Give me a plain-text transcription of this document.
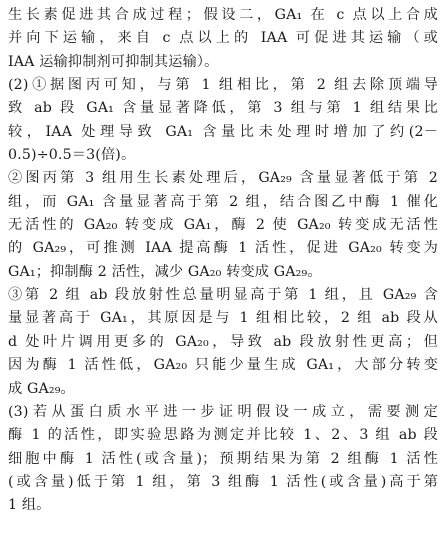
生长素促进其合成过程；假设二，GA₁ 在 c 点以上合成
并向下运输，来自 c 点以上的 IAA 可促进其运输（或
IAA 运输抑制剂可抑制其运输）。
(2)①据图丙可知，与第 1 组相比，第 2 组去除顶端导
致 ab 段 GA₁ 含量显著降低，第 3 组与第 1 组结果比
较，IAA 处理导致 GA₁ 含量比未处理时增加了约(2－
0.5)÷0.5＝3(倍)。
②图丙第 3 组用生长素处理后，GA₂₉ 含量显著低于第 2
组，而 GA₁ 含量显著高于第 2 组，结合图乙中酶 1 催化
无活性的 GA₂₀ 转变成 GA₁，酶 2 使 GA₂₀ 转变成无活性
的 GA₂₉，可推测 IAA 提高酶 1 活性，促进 GA₂₀ 转变为
GA₁；抑制酶 2 活性，减少 GA₂₀ 转变成 GA₂₉。
③第 2 组 ab 段放射性总量明显高于第 1 组，且 GA₂₉ 含
量显著高于 GA₁，其原因是与 1 组相比较，2 组 ab 段从
d 处叶片调用更多的 GA₂₀，导致 ab 段放射性更高；但
因为酶 1 活性低，GA₂₀ 只能少量生成 GA₁，大部分转变
成 GA₂₉。
(3)若从蛋白质水平进一步证明假设一成立，需要测定
酶 1 的活性，即实验思路为测定并比较 1、2、3 组 ab 段
细胞中酶 1 活性(或含量)；预期结果为第 2 组酶 1 活性
(或含量)低于第 1 组，第 3 组酶 1 活性(或含量)高于第
1 组。
